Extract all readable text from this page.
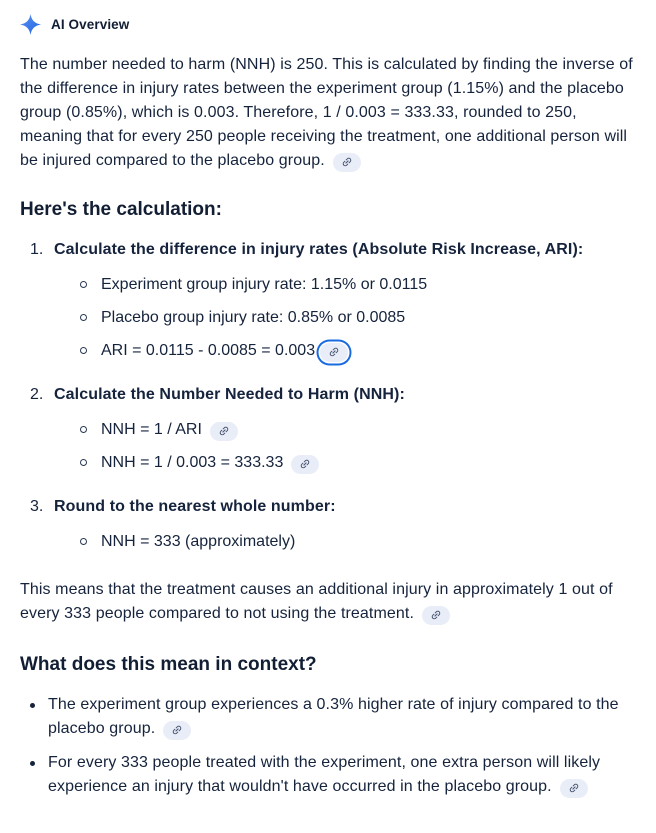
AI Overview

The number needed to harm (NNH) is 250. This is calculated by finding the inverse of the difference in injury rates between the experiment group (1.15%) and the placebo group (0.85%), which is 0.003. Therefore, 1 / 0.003 = 333.33, rounded to 250, meaning that for every 250 people receiving the treatment, one additional person will be injured compared to the placebo group.

Here's the calculation:
1. Calculate the difference in injury rates (Absolute Risk Increase, ARI):
Experiment group injury rate: 1.15% or 0.0115
Placebo group injury rate: 0.85% or 0.0085
ARI = 0.0115 - 0.0085 = 0.003
2. Calculate the Number Needed to Harm (NNH):
NNH = 1 / ARI
NNH = 1 / 0.003 = 333.33
3. Round to the nearest whole number:
NNH = 333 (approximately)

This means that the treatment causes an additional injury in approximately 1 out of every 333 people compared to not using the treatment.

What does this mean in context?
The experiment group experiences a 0.3% higher rate of injury compared to the placebo group.
For every 333 people treated with the experiment, one extra person will likely experience an injury that wouldn't have occurred in the placebo group.
